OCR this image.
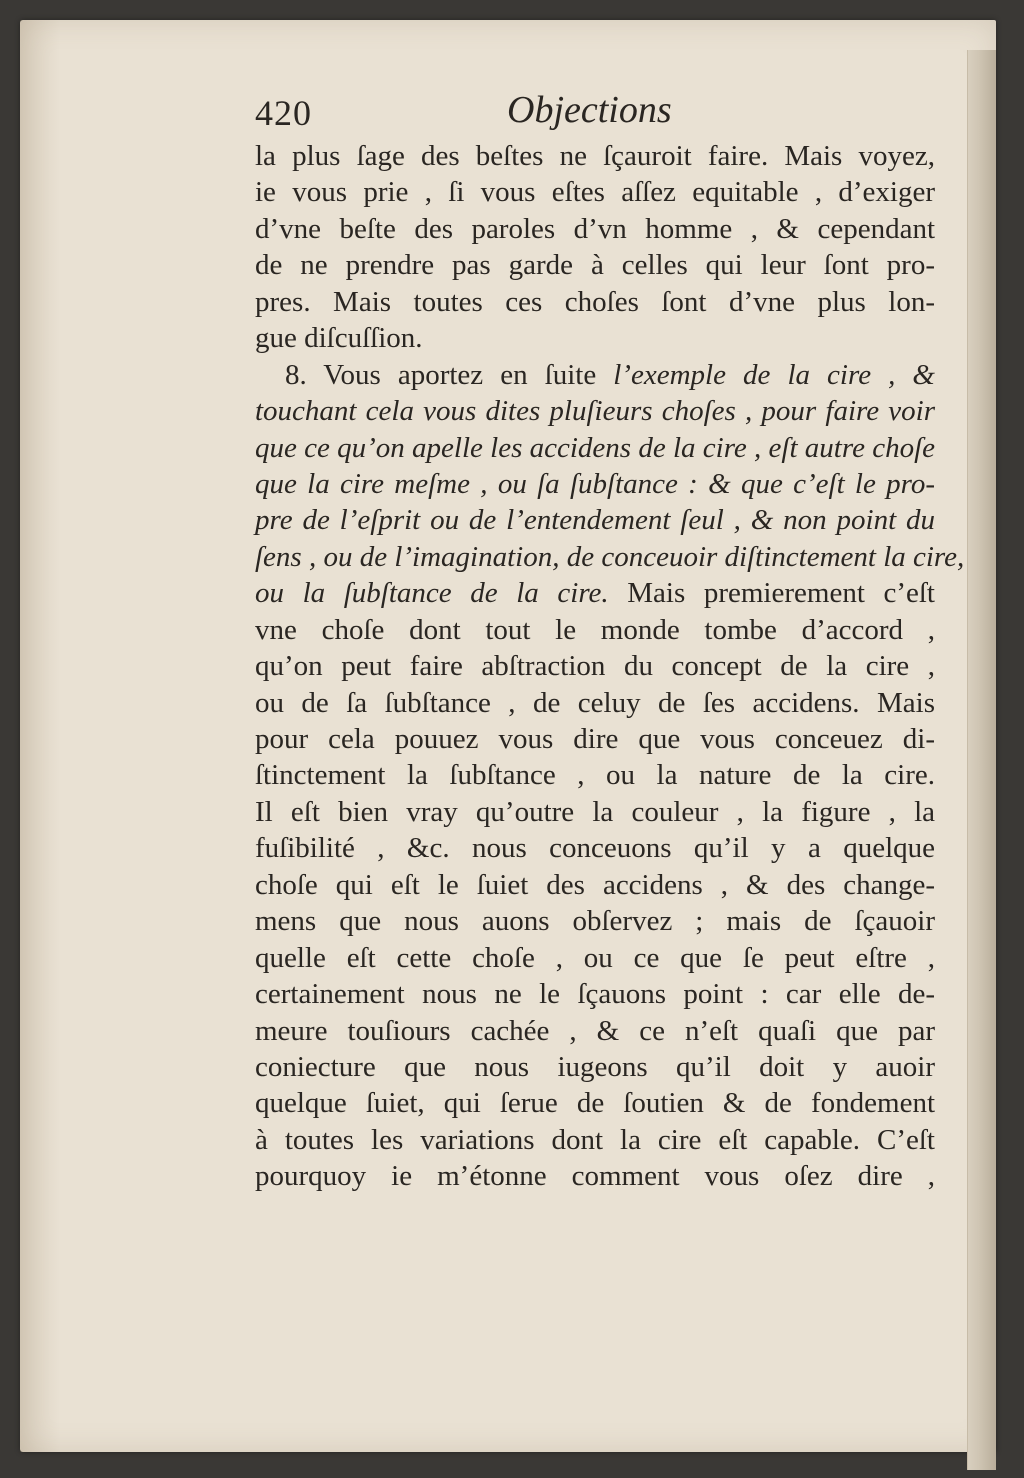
420	Objections
la plus ſage des beſtes ne ſçauroit faire. Mais voyez,
ie vous prie , ſi vous eſtes aſſez equitable , d’exiger
d’vne beſte des paroles d’vn homme , & cependant
de ne prendre pas garde à celles qui leur ſont pro-
pres. Mais toutes ces choſes ſont d’vne plus lon-
gue diſcuſſion.
8. Vous aportez en ſuite l’exemple de la cire , &
touchant cela vous dites pluſieurs choſes , pour faire voir
que ce qu’on apelle les accidens de la cire , eſt autre choſe
que la cire meſme , ou ſa ſubſtance : & que c’eſt le pro-
pre de l’eſprit ou de l’entendement ſeul , & non point du
ſens , ou de l’imagination, de conceuoir diſtinctement la cire,
ou la ſubſtance de la cire. Mais premierement c’eſt
vne choſe dont tout le monde tombe d’accord ,
qu’on peut faire abſtraction du concept de la cire ,
ou de ſa ſubſtance , de celuy de ſes accidens. Mais
pour cela pouuez vous dire que vous conceuez di-
ſtinctement la ſubſtance , ou la nature de la cire.
Il eſt bien vray qu’outre la couleur , la figure , la
fuſibilité , &c. nous conceuons qu’il y a quelque
choſe qui eſt le ſuiet des accidens , & des change-
mens que nous auons obſervez ; mais de ſçauoir
quelle eſt cette choſe , ou ce que ſe peut eſtre ,
certainement nous ne le ſçauons point : car elle de-
meure touſiours cachée , & ce n’eſt quaſi que par
coniecture que nous iugeons qu’il doit y auoir
quelque ſuiet, qui ſerue de ſoutien & de fondement
à toutes les variations dont la cire eſt capable. C’eſt
pourquoy ie m’étonne comment vous oſez dire ,
